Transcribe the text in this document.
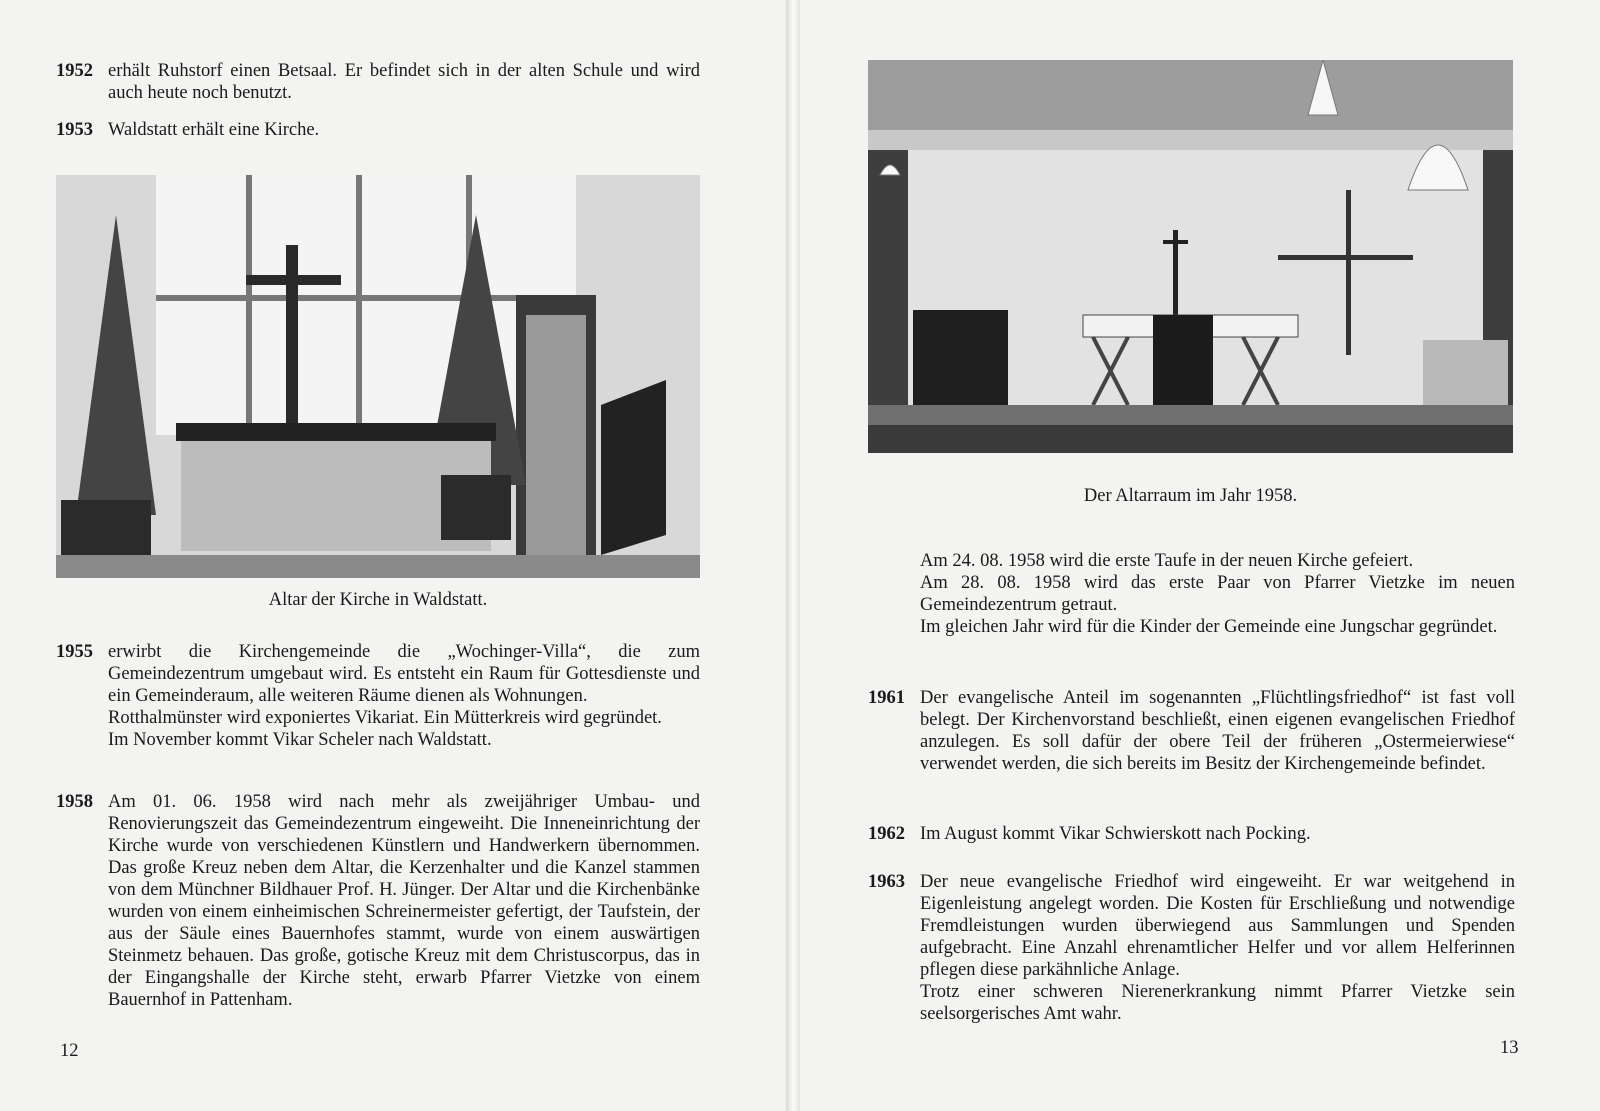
1952 erhält Ruhstorf einen Betsaal. Er befindet sich in der alten Schule und wird auch heute noch benutzt.

1953 Waldstatt erhält eine Kirche.

Altar der Kirche in Waldstatt.
1955 erwirbt die Kirchengemeinde die „Wochinger-Villa“, die zum Gemeindezentrum umgebaut wird. Es entsteht ein Raum für Gottesdienste und ein Gemeinderaum, alle weiteren Räume dienen als Wohnungen.

Rotthalmünster wird exponiertes Vikariat. Ein Mütterkreis wird gegründet.

Im November kommt Vikar Scheler nach Waldstatt.

1958 Am 01. 06. 1958 wird nach mehr als zweijähriger Umbau- und Renovierungszeit das Gemeindezentrum eingeweiht. Die Inneneinrichtung der Kirche wurde von verschiedenen Künstlern und Handwerkern übernommen. Das große Kreuz neben dem Altar, die Kerzenhalter und die Kanzel stammen von dem Münchner Bildhauer Prof. H. Jünger. Der Altar und die Kirchenbänke wurden von einem einheimischen Schreinermeister gefertigt, der Taufstein, der aus der Säule eines Bauernhofes stammt, wurde von einem auswärtigen Steinmetz behauen. Das große, gotische Kreuz mit dem Christuscorpus, das in der Eingangshalle der Kirche steht, erwarb Pfarrer Vietzke von einem Bauernhof in Pattenham.

12
Der Altarraum im Jahr 1958.

Am 24. 08. 1958 wird die erste Taufe in der neuen Kirche gefeiert.

Am 28. 08. 1958 wird das erste Paar von Pfarrer Vietzke im neuen Gemeindezentrum getraut.

Im gleichen Jahr wird für die Kinder der Gemeinde eine Jungschar gegründet.

1961 Der evangelische Anteil im sogenannten „Flüchtlingsfriedhof“ ist fast voll belegt. Der Kirchenvorstand beschließt, einen eigenen evangelischen Friedhof anzulegen. Es soll dafür der obere Teil der früheren „Ostermeierwiese“ verwendet werden, die sich bereits im Besitz der Kirchengemeinde befindet.

1962 Im August kommt Vikar Schwierskott nach Pocking.

1963 Der neue evangelische Friedhof wird eingeweiht. Er war weitgehend in Eigenleistung angelegt worden. Die Kosten für Erschließung und notwendige Fremdleistungen wurden überwiegend aus Sammlungen und Spenden aufgebracht. Eine Anzahl ehrenamtlicher Helfer und vor allem Helferinnen pflegen diese parkähnliche Anlage.

Trotz einer schweren Nierenerkrankung nimmt Pfarrer Vietzke sein seelsorgerisches Amt wahr.

13
